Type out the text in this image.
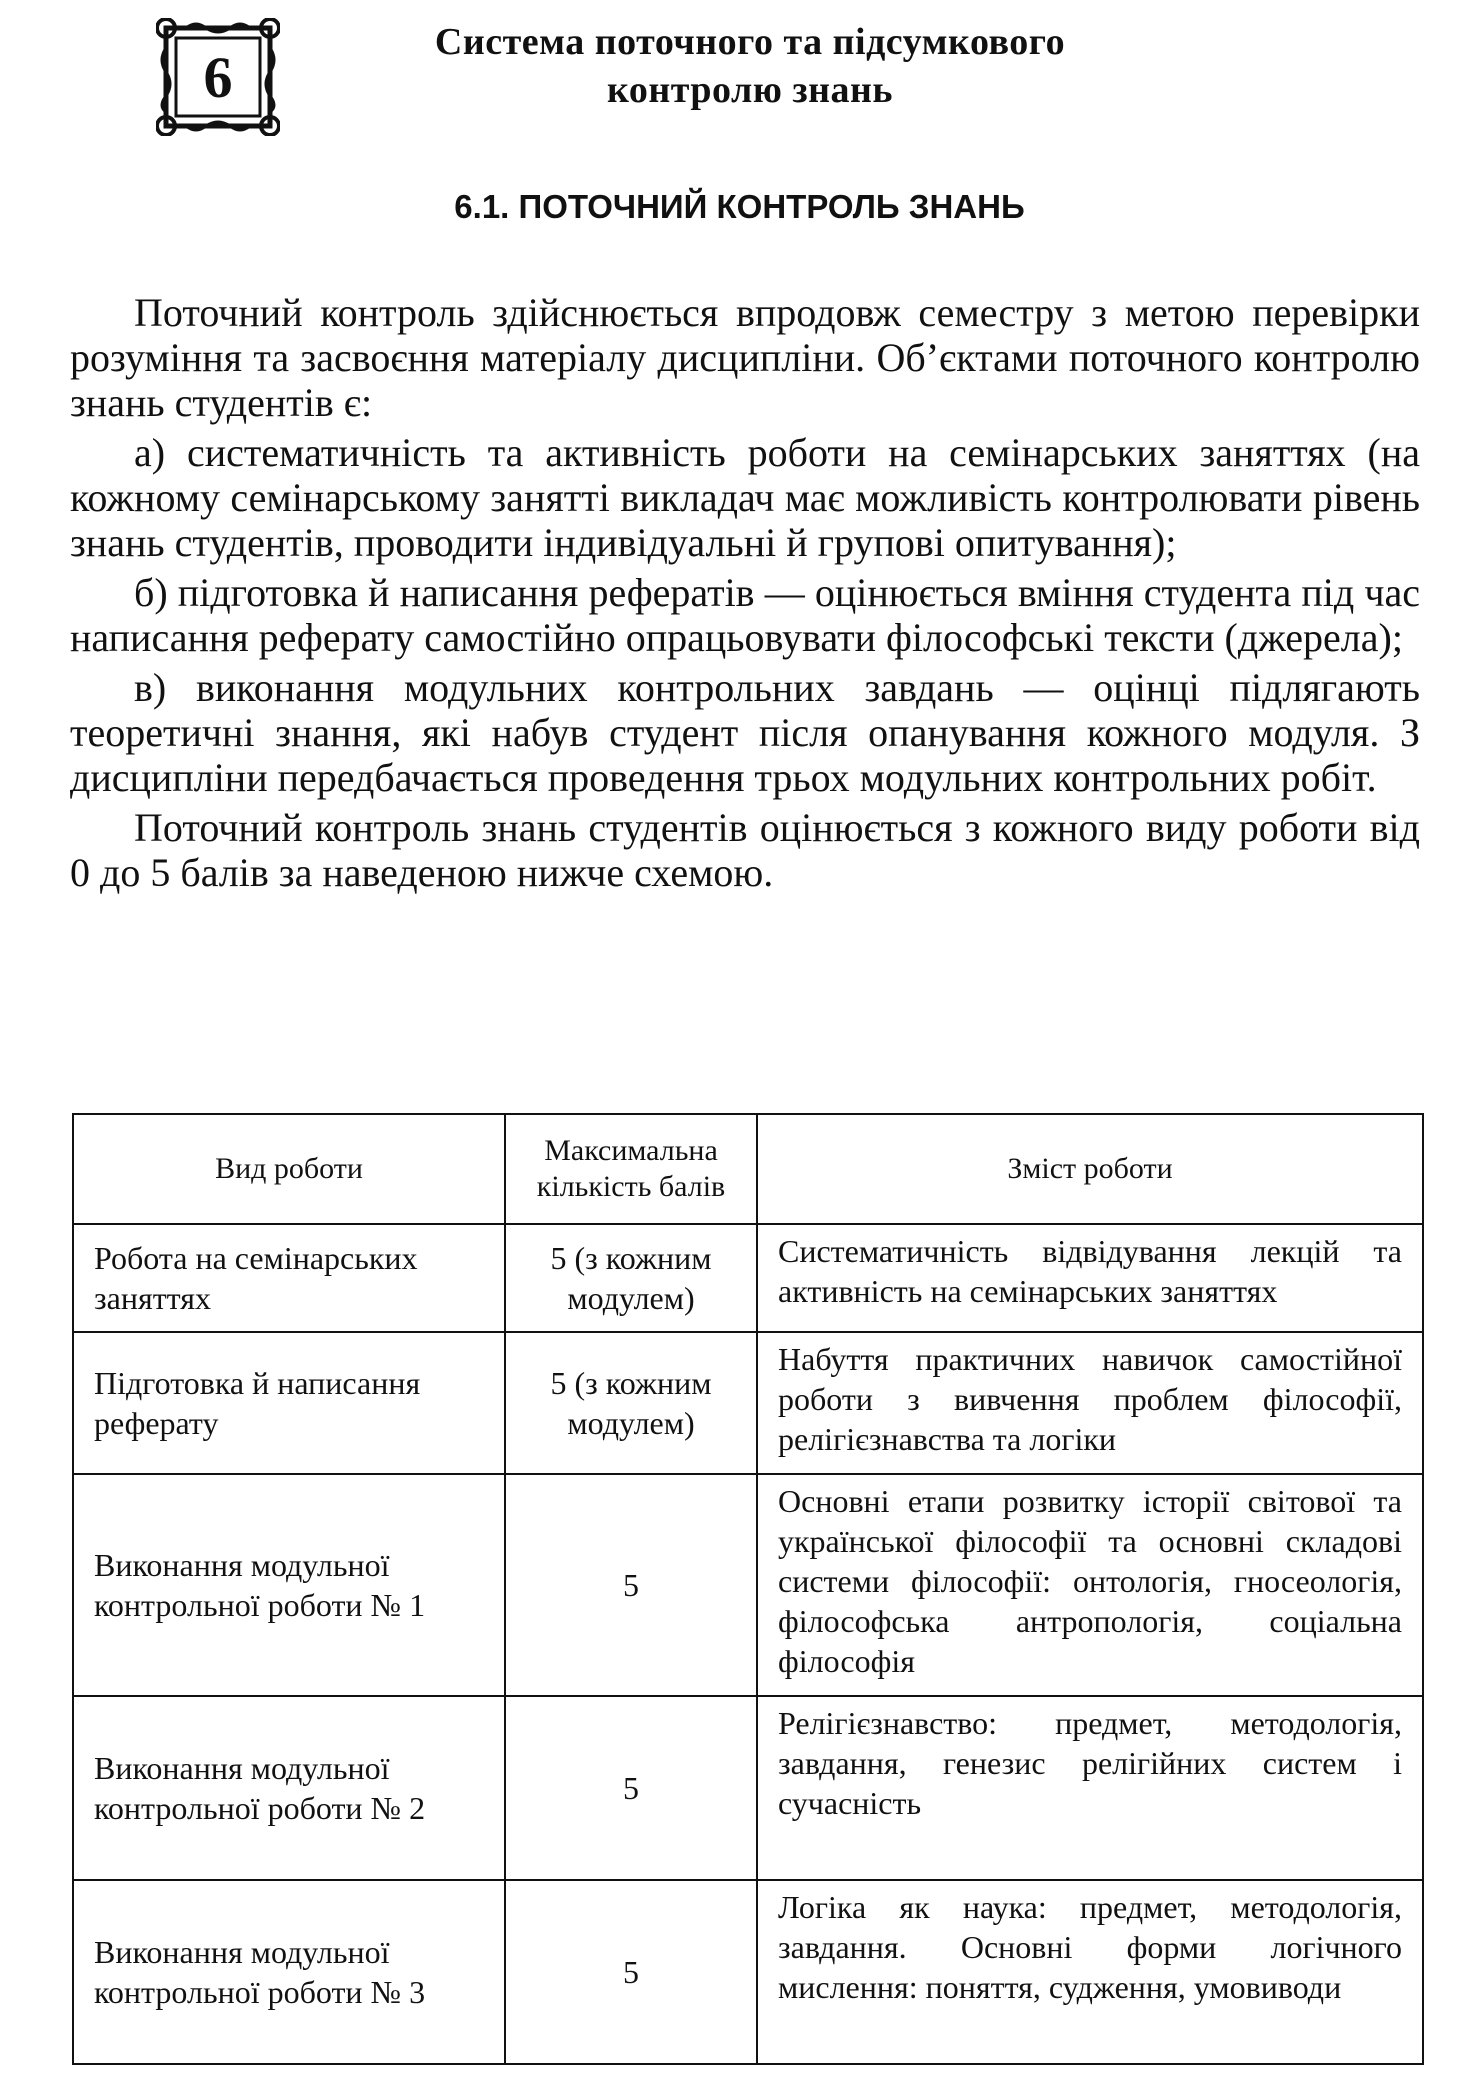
6
Система поточного та підсумкового
контролю знань
6.1. ПОТОЧНИЙ КОНТРОЛЬ ЗНАНЬ

Поточний контроль здійснюється впродовж семестру з метою перевірки розуміння та засвоєння матеріалу дисципліни. Об’єктами поточного контролю знань студентів є:

а) систематичність та активність роботи на семінарських заняттях (на кожному семінарському занятті викладач має можливість контролювати рівень знань студентів, проводити індивідуальні й групові опитування);

б) підготовка й написання рефератів — оцінюється вміння студента під час написання реферату самостійно опрацьовувати філософські тексти (джерела);

в) виконання модульних контрольних завдань — оцінці підлягають теоретичні знання, які набув студент після опанування кожного модуля. З дисципліни передбачається проведення трьох модульних контрольних робіт.

Поточний контроль знань студентів оцінюється з кожного виду роботи від 0 до 5 балів за наведеною нижче схемою.

Вид роботи	Максимальна кількість балів	Зміст роботи
Робота на семінарських заняттях	5 (з кожним модулем)	Систематичність відвідування лекцій та активність на семінарських заняттях
Підготовка й написання реферату	5 (з кожним модулем)	Набуття практичних навичок самостійної роботи з вивчення проблем філософії, релігієзнавства та логіки
Виконання модульної контрольної роботи № 1	5	Основні етапи розвитку історії світової та української філософії та основні складові системи філософії: онтологія, гносеологія, філософська антропологія, соціальна філософія
Виконання модульної контрольної роботи № 2	5	Релігієзнавство: предмет, методологія, завдання, генезис релігійних систем і сучасність
Виконання модульної контрольної роботи № 3	5	Логіка як наука: предмет, методологія, завдання. Основні форми логічного мислення: поняття, судження, умовиводи
